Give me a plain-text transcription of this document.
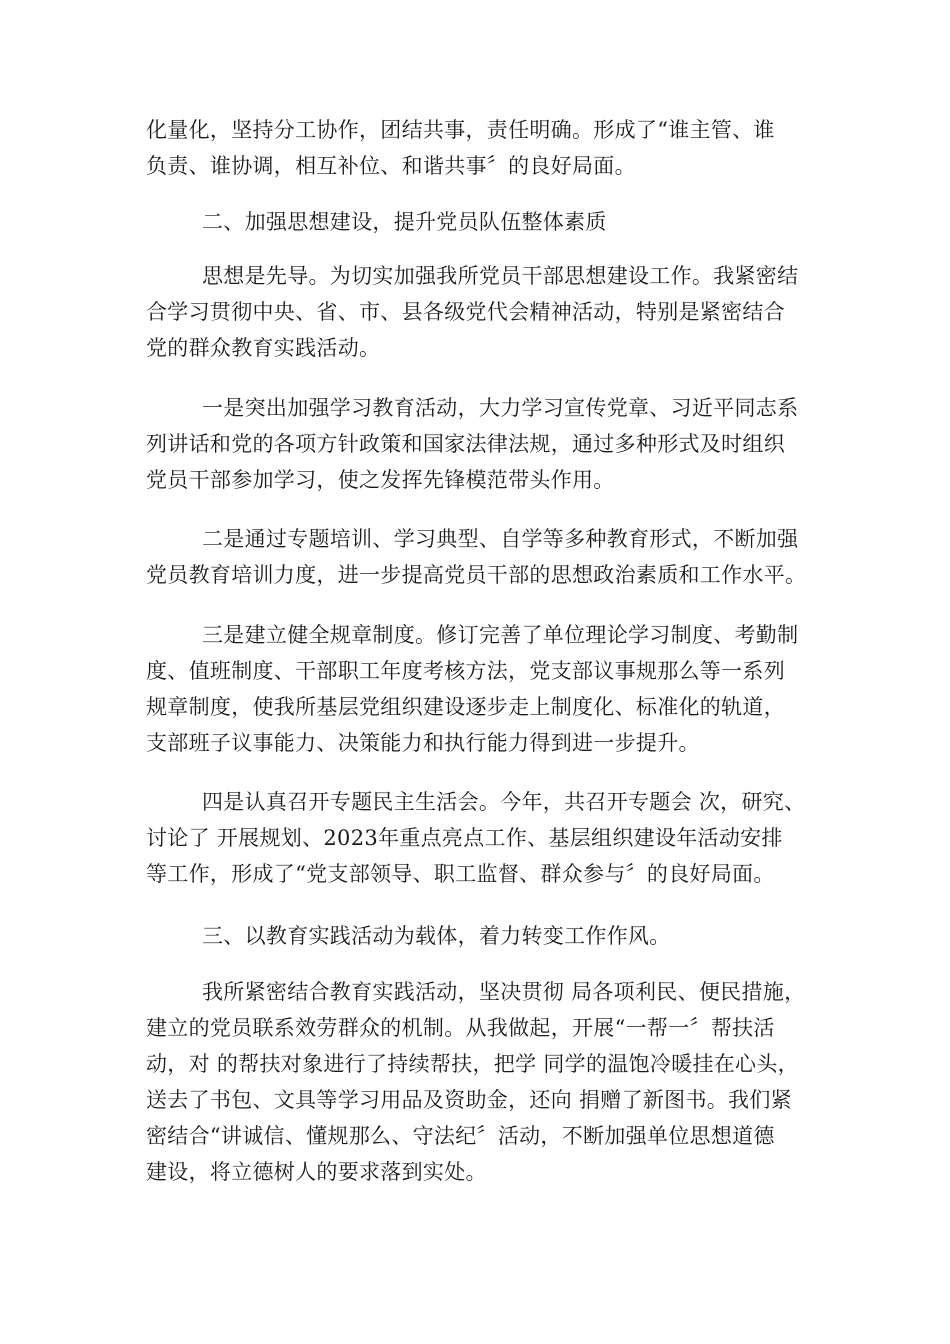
化量化，坚持分工协作，团结共事，责任明确。形成了“谁主管、谁
负责、谁协调，相互补位、和谐共事〞的良好局面。
二、加强思想建设，提升党员队伍整体素质
思想是先导。为切实加强我所党员干部思想建设工作。我紧密结
合学习贯彻中央、省、市、县各级党代会精神活动，特别是紧密结合
党的群众教育实践活动。
一是突出加强学习教育活动，大力学习宣传党章、习近平同志系
列讲话和党的各项方针政策和国家法律法规，通过多种形式及时组织
党员干部参加学习，使之发挥先锋模范带头作用。
二是通过专题培训、学习典型、自学等多种教育形式，不断加强
党员教育培训力度，进一步提高党员干部的思想政治素质和工作水平。
三是建立健全规章制度。修订完善了单位理论学习制度、考勤制
度、值班制度、干部职工年度考核方法，党支部议事规那么等一系列
规章制度，使我所基层党组织建设逐步走上制度化、标准化的轨道，
支部班子议事能力、决策能力和执行能力得到进一步提升。
四是认真召开专题民主生活会。今年，共召开专题会 次，研究、
讨论了 开展规划、2023年重点亮点工作、基层组织建设年活动安排
等工作，形成了“党支部领导、职工监督、群众参与〞的良好局面。
三、以教育实践活动为载体，着力转变工作作风。
我所紧密结合教育实践活动，坚决贯彻 局各项利民、便民措施，
建立的党员联系效劳群众的机制。从我做起，开展“一帮一〞帮扶活
动，对 的帮扶对象进行了持续帮扶，把学 同学的温饱冷暖挂在心头，
送去了书包、文具等学习用品及资助金，还向 捐赠了新图书。我们紧
密结合“讲诚信、懂规那么、守法纪〞活动，不断加强单位思想道德
建设，将立德树人的要求落到实处。
